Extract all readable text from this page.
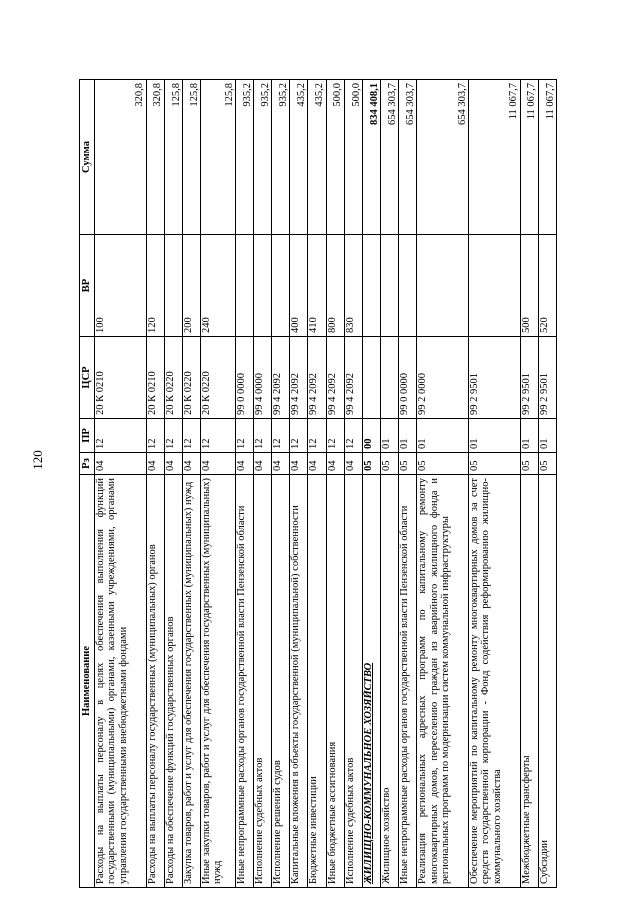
120
Наименование	Рз	ПР	ЦСР	ВР	Сумма
Расходы на выплаты персоналу в целях обеспечения выполнения функций государственными (муниципальными) органами, казенными учреждениями, органами управления государственными внебюджетными фондами	04	12	20 К 0210	100	320,8
Расходы на выплаты персоналу государственных (муниципальных) органов	04	12	20 К 0210	120	320,8
Расходы на обеспечение функций государственных органов	04	12	20 К 0220		125,8
Закупка товаров, работ и услуг для обеспечения государственных (муниципальных) нужд	04	12	20 К 0220	200	125,8
Иные закупки товаров, работ и услуг для обеспечения государственных (муниципальных) нужд	04	12	20 К 0220	240	125,8
Иные непрограммные расходы органов государственной власти Пензенской области	04	12	99 0 0000		935,2
Исполнение судебных актов	04	12	99 4 0000		935,2
Исполнение решений судов	04	12	99 4 2092		935,2
Капитальные вложения в объекты государственной (муниципальной) собственности	04	12	99 4 2092	400	435,2
Бюджетные инвестиции	04	12	99 4 2092	410	435,2
Иные бюджетные ассигнования	04	12	99 4 2092	800	500,0
Исполнение судебных актов	04	12	99 4 2092	830	500,0
ЖИЛИЩНО-КОММУНАЛЬНОЕ ХОЗЯЙСТВО	05	00			834 408,1
Жилищное хозяйство	05	01			654 303,7
Иные непрограммные расходы органов государственной власти Пензенской области	05	01	99 0 0000		654 303,7
Реализация региональных адресных программ по капитальному ремонту многоквартирных домов, переселению граждан из аварийного жилищного фонда и региональных программ по модернизации систем коммунальной инфраструктуры	05	01	99 2 0000		654 303,7
Обеспечение мероприятий по капитальному ремонту многоквартирных домов за счет средств государственной корпорации - Фонд содействия реформированию жилищно-коммунального хозяйства	05	01	99 2 9501		11 067,7
Межбюджетные трансферты	05	01	99 2 9501	500	11 067,7
Субсидии	05	01	99 2 9501	520	11 067,7
